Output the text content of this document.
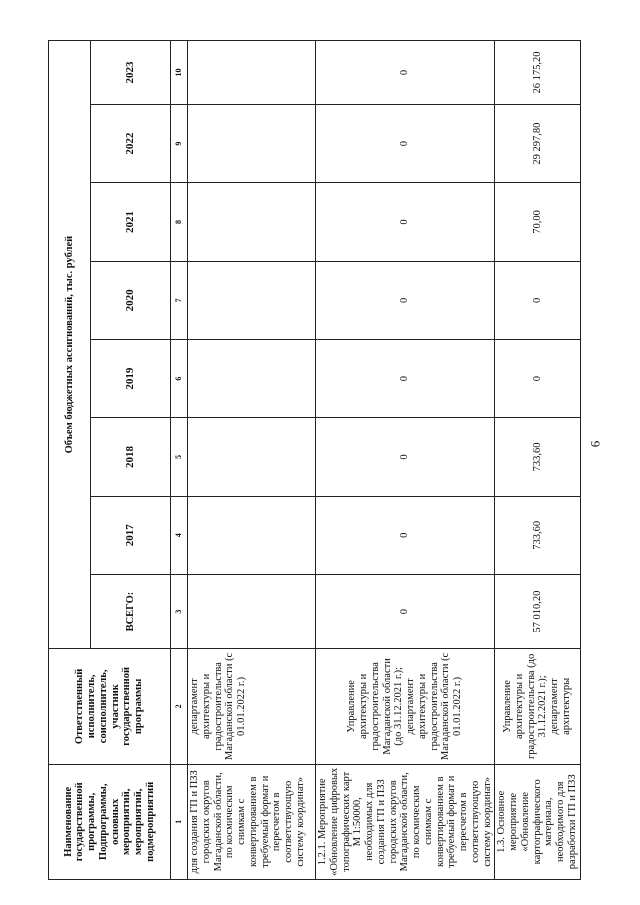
6
Наименование государственной программы, Подпрограммы, основных мероприятий, мероприятий, подмероприятий	Ответственный исполнитель, соисполнитель, участник государственной программы	Объем бюджетных ассигнований, тыс. рублей							
		ВСЕГО:	2017	2018	2019	2020	2021	2022	2023
1	2	3	4	5	6	7	8	9	10
для создания ГП и ПЗЗ городских округов Магаданской области, по космическим снимкам с конвертированием в требуемый формат и пересчетом в соответствующую систему координат»	департамент архитектуры и градостроительства Магаданской области (с 01.01.2022 г.)								
1.2.1. Мероприятие «Обновление цифровых топографических карт М 1:50000, необходимых для создания ГП и ПЗЗ городских округов Магаданской области, по космическим снимкам с конвертированием в требуемый формат и пересчетом в соответствующую систему координат»	Управление архитектуры и градостроительства Магаданской области (до 31.12.2021 г.); департамент архитектуры и градостроительства Магаданской области (с 01.01.2022 г.)	0	0	0	0	0	0	0	0
1.3. Основное мероприятие «Обновление картографического материала, необходимого для разработки ГП и ПЗЗ	Управление архитектуры и градостроительства (до 31.12.2021 г.); департамент архитектуры	57 010,20	733,60	733,60	0	0	70,00	29 297,80	26 175,20
